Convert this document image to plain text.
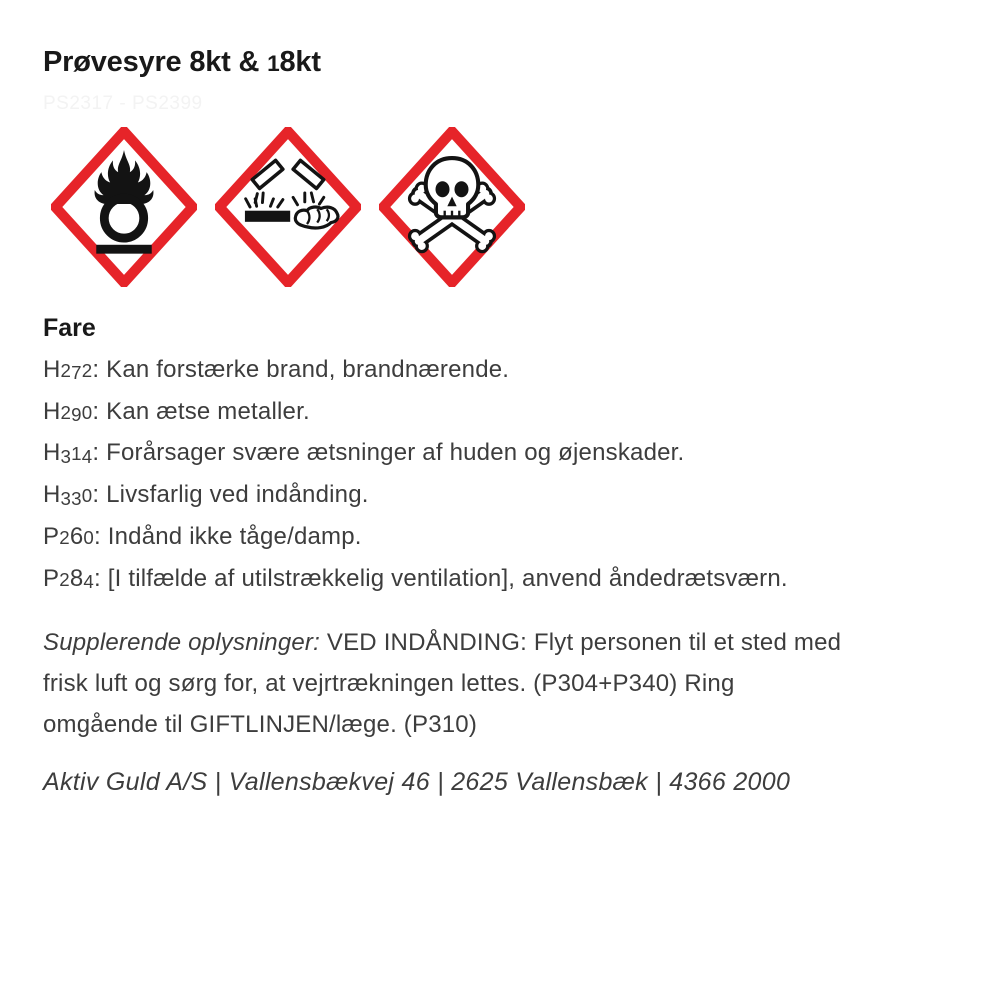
Prøvesyre 8kt & 18kt
PS2317 - PS2399
Fare
H272: Kan forstærke brand, brandnærende.
H290: Kan ætse metaller.
H314: Forårsager svære ætsninger af huden og øjenskader.
H330: Livsfarlig ved indånding.
P260: Indånd ikke tåge/damp.
P284: [I tilfælde af utilstrækkelig ventilation], anvend åndedrætsværn.

Supplerende oplysninger: VED INDÅNDING: Flyt personen til et sted med
frisk luft og sørg for, at vejrtrækningen lettes. (P304+P340) Ring
omgående til GIFTLINJEN/læge. (P310)

Aktiv Guld A/S | Vallensbækvej 46 | 2625 Vallensbæk | 4366 2000
